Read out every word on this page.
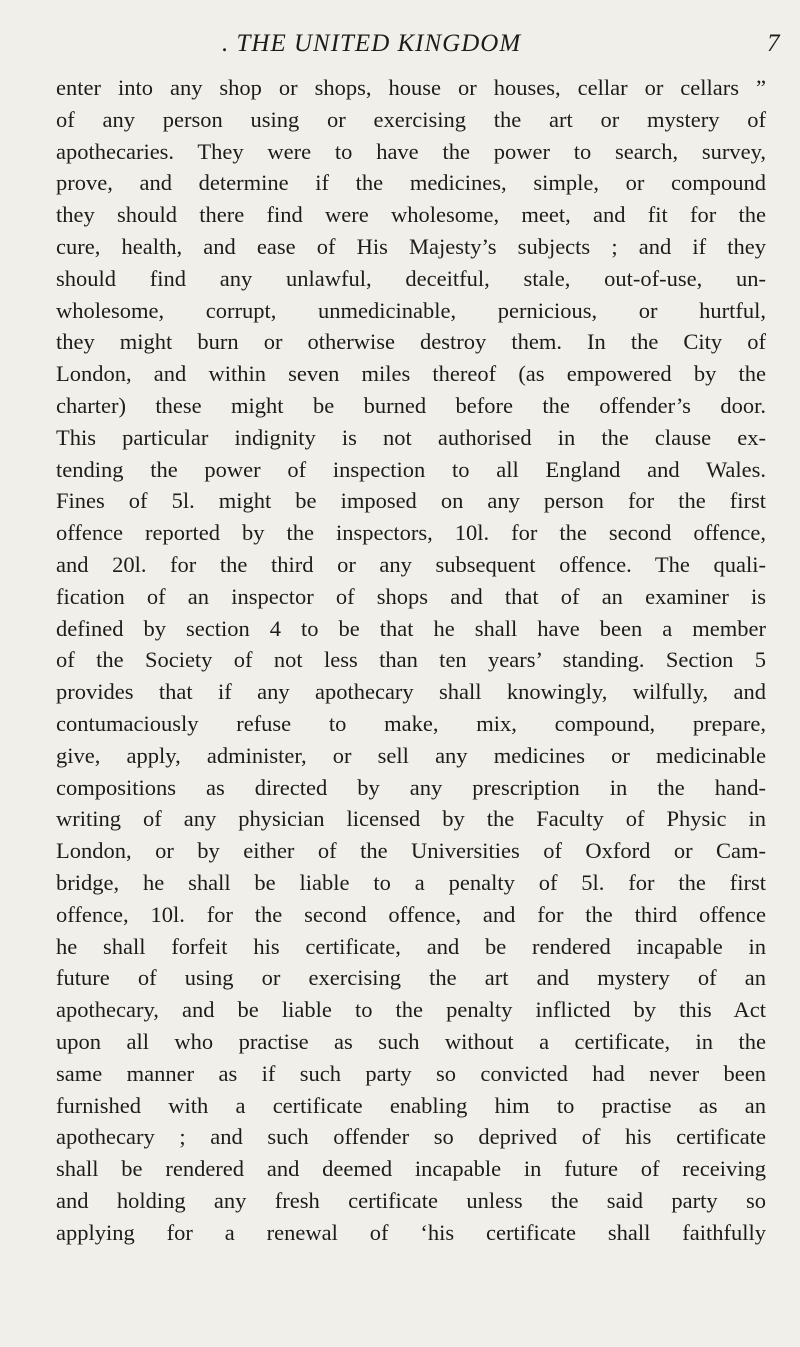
. THE UNITED KINGDOM	7
enter into any shop or shops, house or houses, cellar or cellars ”
of any person using or exercising the art or mystery of
apothecaries. They were to have the power to search, survey,
prove, and determine if the medicines, simple, or compound
they should there find were wholesome, meet, and fit for the
cure, health, and ease of His Majesty’s subjects ; and if they
should find any unlawful, deceitful, stale, out-of-use, un-
wholesome, corrupt, unmedicinable, pernicious, or hurtful,
they might burn or otherwise destroy them. In the City of
London, and within seven miles thereof (as empowered by the
charter) these might be burned before the offender’s door.
This particular indignity is not authorised in the clause ex-
tending the power of inspection to all England and Wales.
Fines of 5l. might be imposed on any person for the first
offence reported by the inspectors, 10l. for the second offence,
and 20l. for the third or any subsequent offence. The quali-
fication of an inspector of shops and that of an examiner is
defined by section 4 to be that he shall have been a member
of the Society of not less than ten years’ standing. Section 5
provides that if any apothecary shall knowingly, wilfully, and
contumaciously refuse to make, mix, compound, prepare,
give, apply, administer, or sell any medicines or medicinable
compositions as directed by any prescription in the hand-
writing of any physician licensed by the Faculty of Physic in
London, or by either of the Universities of Oxford or Cam-
bridge, he shall be liable to a penalty of 5l. for the first
offence, 10l. for the second offence, and for the third offence
he shall forfeit his certificate, and be rendered incapable in
future of using or exercising the art and mystery of an
apothecary, and be liable to the penalty inflicted by this Act
upon all who practise as such without a certificate, in the
same manner as if such party so convicted had never been
furnished with a certificate enabling him to practise as an
apothecary ; and such offender so deprived of his certificate
shall be rendered and deemed incapable in future of receiving
and holding any fresh certificate unless the said party so
applying for a renewal of ‘his certificate shall faithfully
